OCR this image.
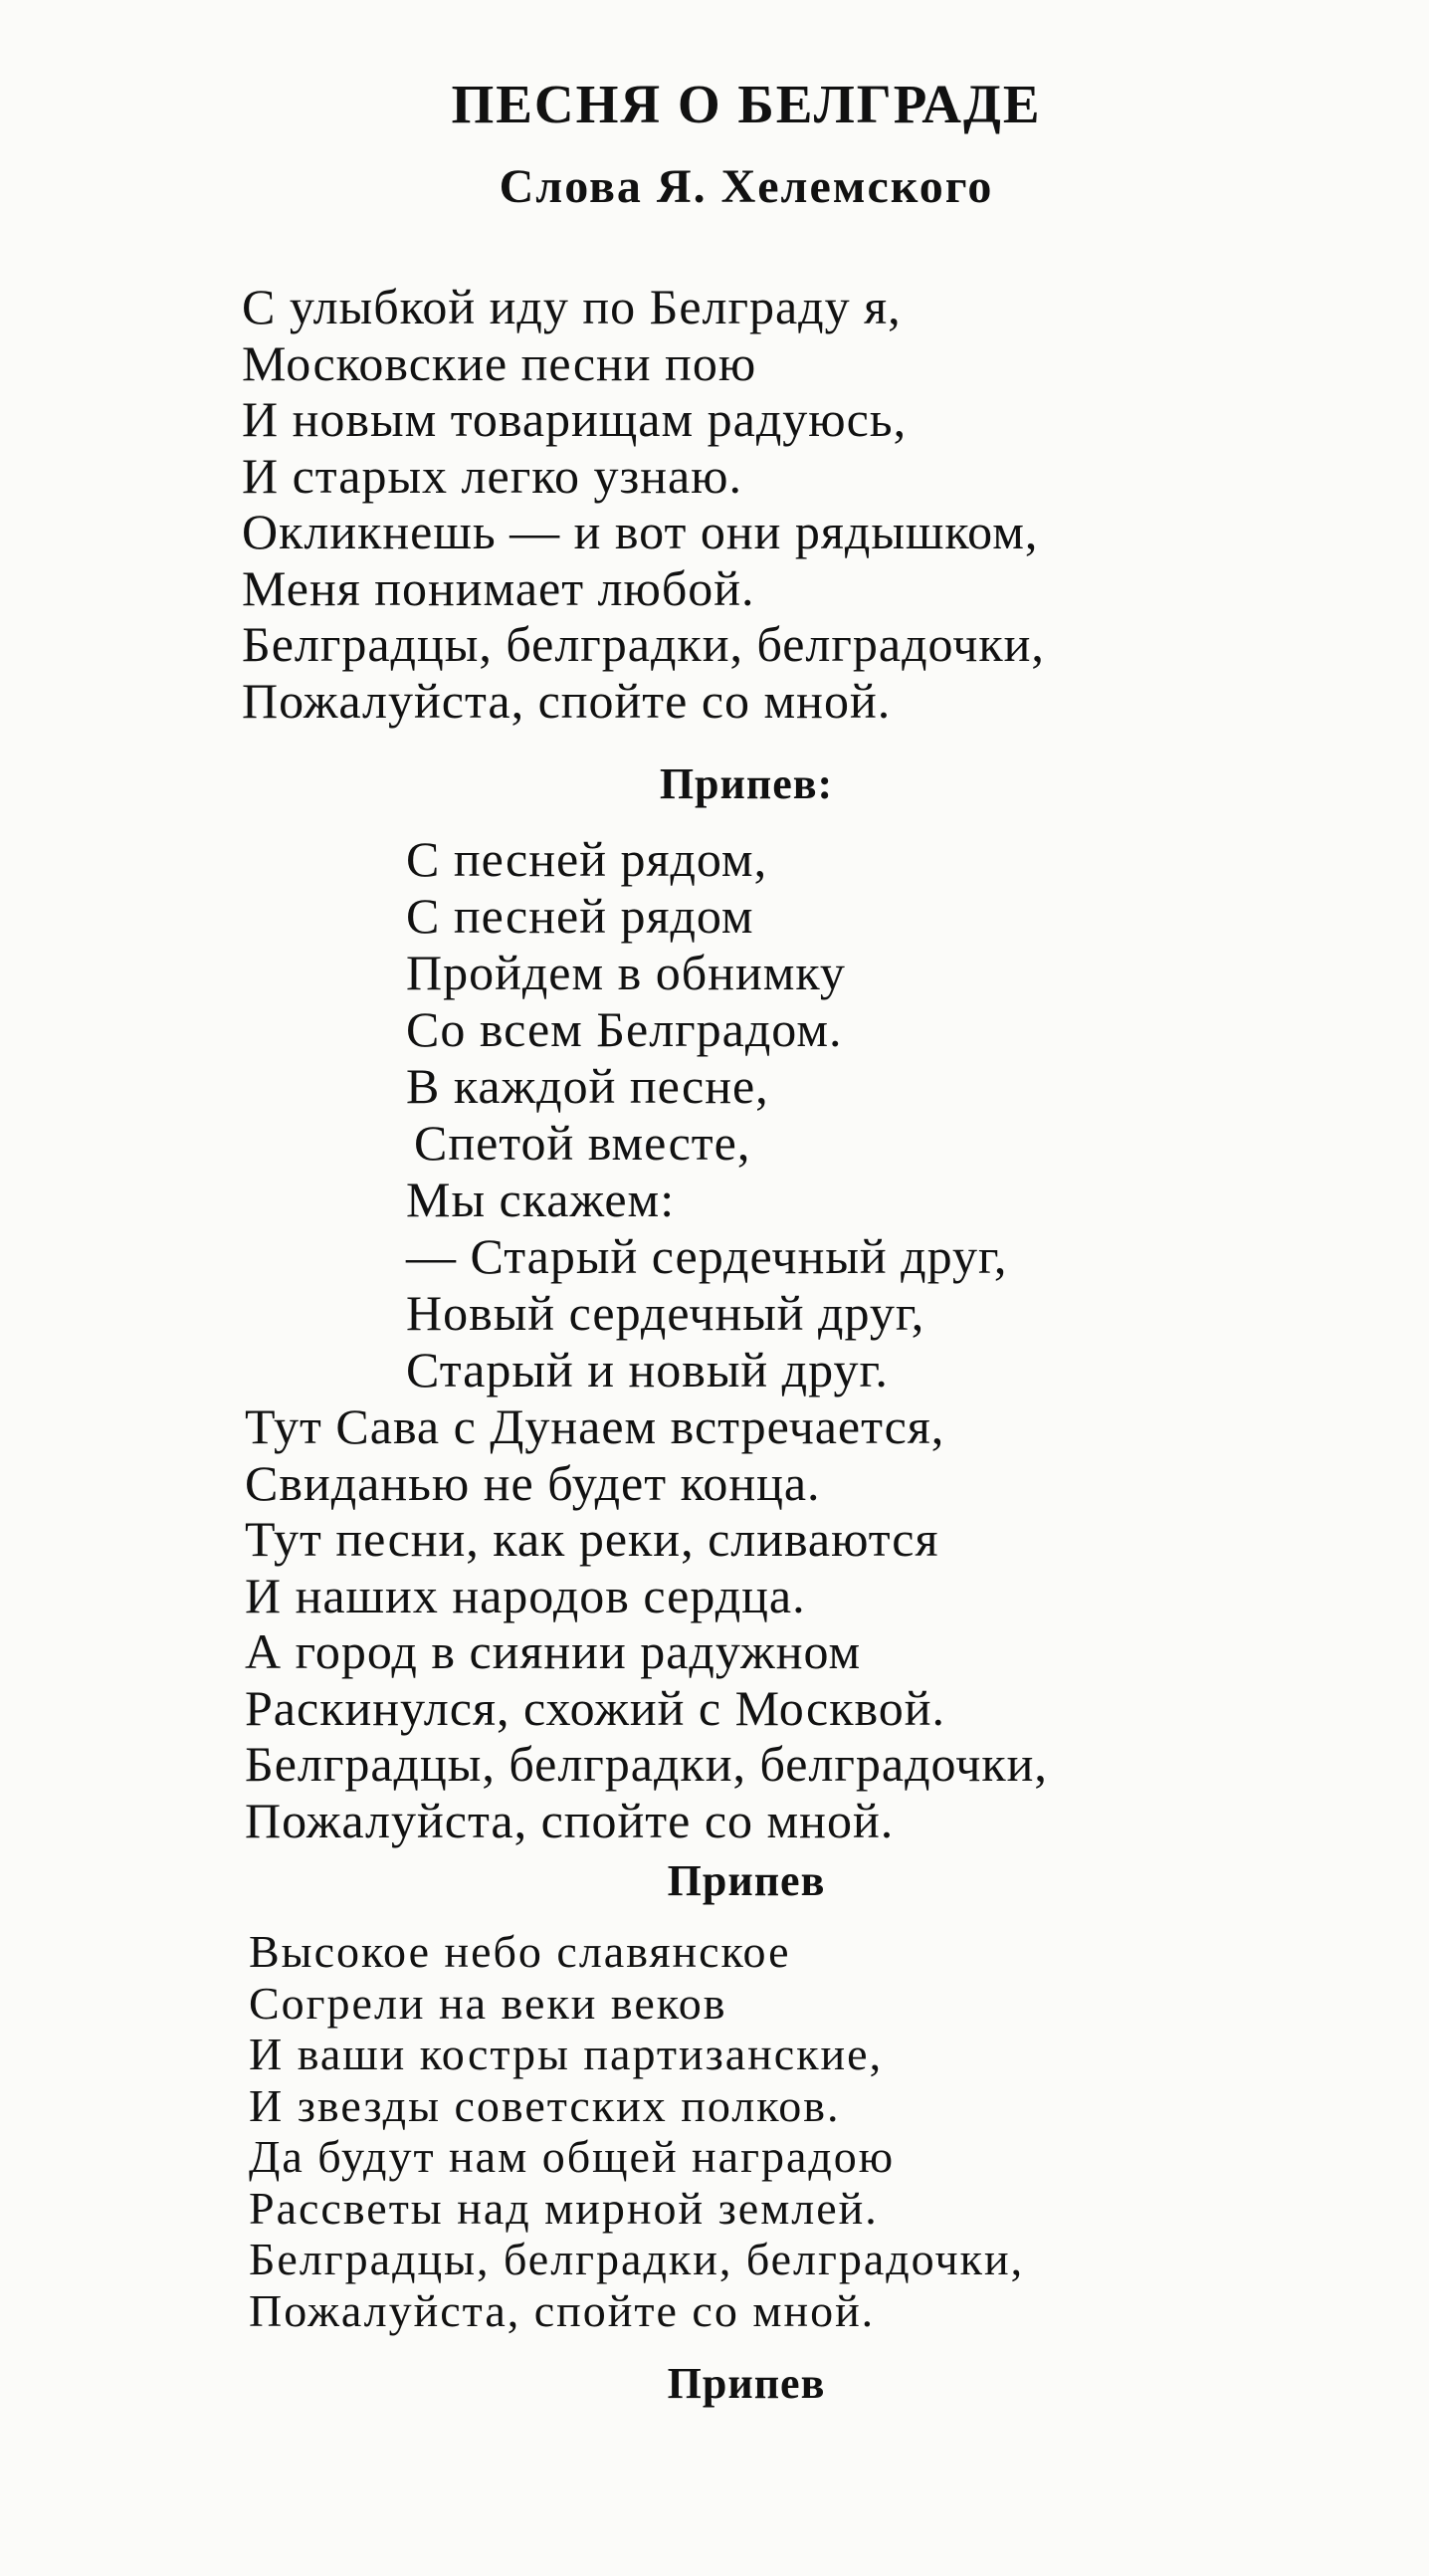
ПЕСНЯ О БЕЛГРАДЕ
Слова Я. Хелемского
С улыбкой иду по Белграду я,
Московские песни пою
И новым товарищам радуюсь,
И старых легко узнаю.
Окликнешь — и вот они рядышком,
Меня понимает любой.
Белградцы, белградки, белградочки,
Пожалуйста, спойте со мной.
Припев:
С песней рядом,
С песней рядом
Пройдем в обнимку
Со всем Белградом.
В каждой песне,
Спетой вместе,
Мы скажем:
— Старый сердечный друг,
Новый сердечный друг,
Старый и новый друг.
Тут Сава с Дунаем встречается,
Свиданью не будет конца.
Тут песни, как реки, сливаются
И наших народов сердца.
А город в сиянии радужном
Раскинулся, схожий с Москвой.
Белградцы, белградки, белградочки,
Пожалуйста, спойте со мной.
Припев
Высокое небо славянское
Согрели на веки веков
И ваши костры партизанские,
И звезды советских полков.
Да будут нам общей наградою
Рассветы над мирной землей.
Белградцы, белградки, белградочки,
Пожалуйста, спойте со мной.
Припев
